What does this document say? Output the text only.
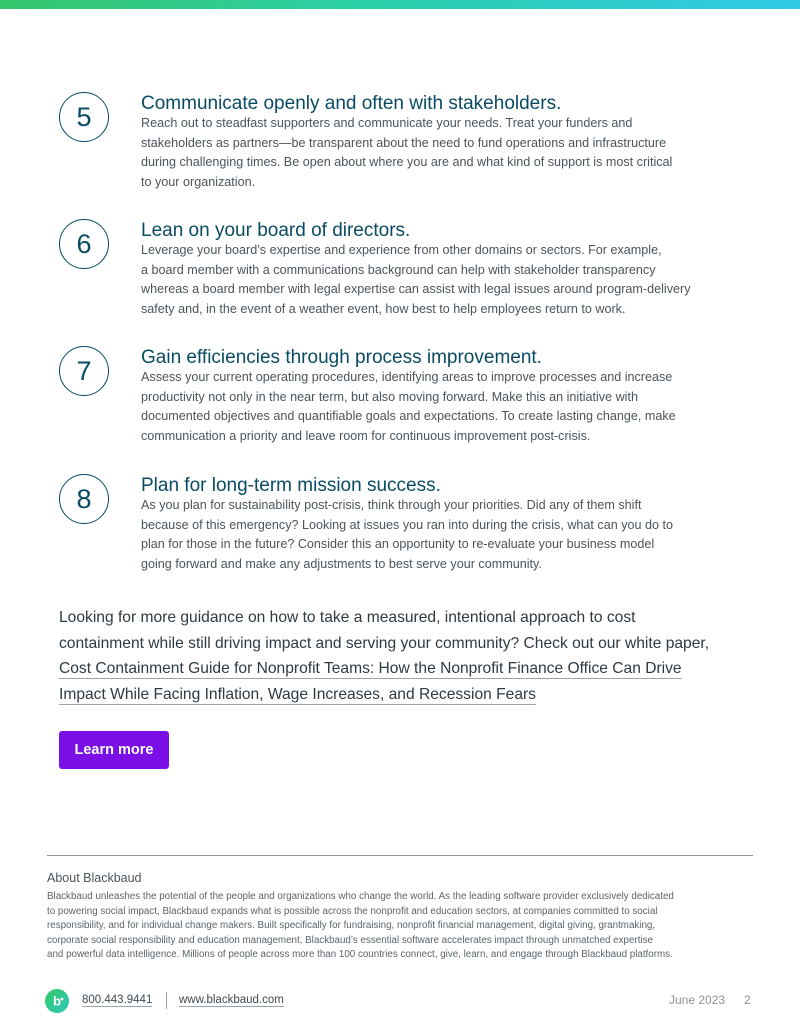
5	Communicate openly and often with stakeholders.
Reach out to steadfast supporters and communicate your needs. Treat your funders and
stakeholders as partners—be transparent about the need to fund operations and infrastructure
during challenging times. Be open about where you are and what kind of support is most critical
to your organization.
6	Lean on your board of directors.
Leverage your board’s expertise and experience from other domains or sectors. For example,
a board member with a communications background can help with stakeholder transparency
whereas a board member with legal expertise can assist with legal issues around program-delivery
safety and, in the event of a weather event, how best to help employees return to work.
7	Gain efficiencies through process improvement.
Assess your current operating procedures, identifying areas to improve processes and increase
productivity not only in the near term, but also moving forward. Make this an initiative with
documented objectives and quantifiable goals and expectations. To create lasting change, make
communication a priority and leave room for continuous improvement post-crisis.
8	Plan for long-term mission success.
As you plan for sustainability post-crisis, think through your priorities. Did any of them shift
because of this emergency? Looking at issues you ran into during the crisis, what can you do to
plan for those in the future? Consider this an opportunity to re-evaluate your business model
going forward and make any adjustments to best serve your community.
Looking for more guidance on how to take a measured, intentional approach to cost
containment while still driving impact and serving your community? Check out our white paper,
Cost Containment Guide for Nonprofit Teams: How the Nonprofit Finance Office Can Drive
Impact While Facing Inflation, Wage Increases, and Recession Fears
Learn more
About Blackbaud
Blackbaud unleashes the potential of the people and organizations who change the world. As the leading software provider exclusively dedicated
to powering social impact, Blackbaud expands what is possible across the nonprofit and education sectors, at companies committed to social
responsibility, and for individual change makers. Built specifically for fundraising, nonprofit financial management, digital giving, grantmaking,
corporate social responsibility and education management, Blackbaud’s essential software accelerates impact through unmatched expertise
and powerful data intelligence. Millions of people across more than 100 countries connect, give, learn, and engage through Blackbaud platforms.
b 800.443.9441 www.blackbaud.com	June 2023 2
